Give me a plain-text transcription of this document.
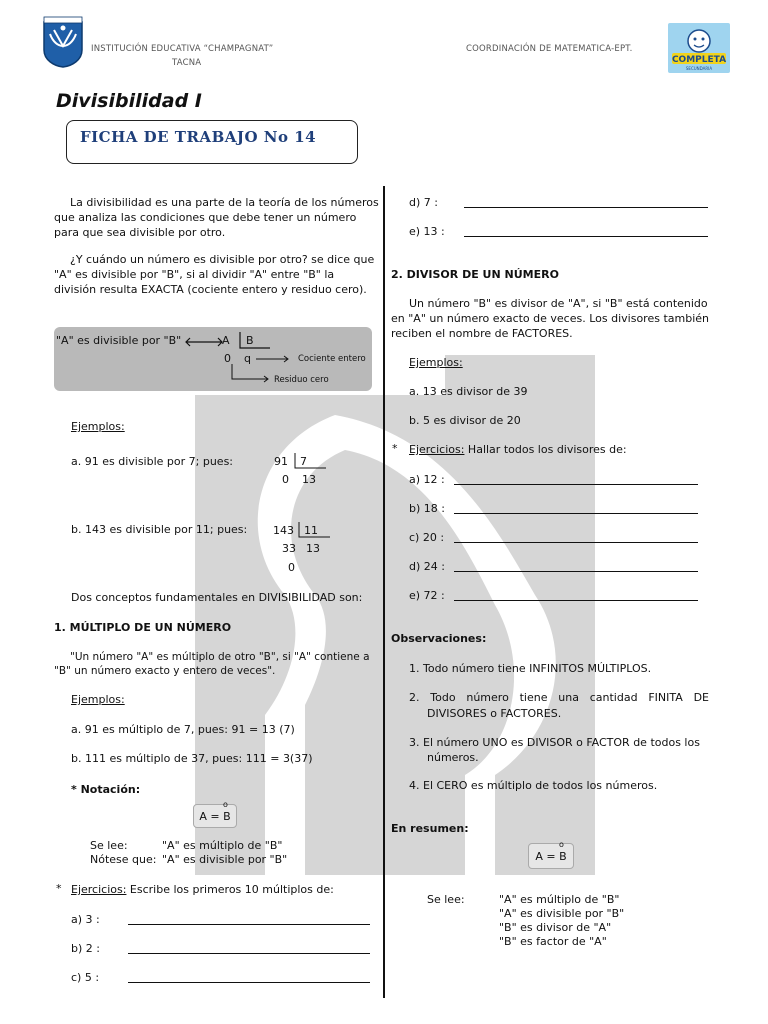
INSTITUCIÓN EDUCATIVA “CHAMPAGNAT”
TACNA
COORDINACIÓN DE MATEMATICA-EPT.
COMPLETA
SECUNDARIA
Divisibilidad I
FICHA DE TRABAJO No 14
La divisibilidad es una parte de la teoría de los números que analiza las condiciones que debe tener un número para que sea divisible por otro.
¿Y cuándo un número es divisible por otro? se dice que "A" es divisible por "B", si al dividir "A" entre "B" la división resulta EXACTA (cociente entero y residuo cero).
"A" es divisible por "B"	A B
0 q	Cociente entero
Residuo cero
Ejemplos:
a. 91 es divisible por 7; pues:	91 7
0 13
b. 143 es divisible por 11; pues: 143 11
33 13
0
Dos conceptos fundamentales en DIVISIBILIDAD son:
1. MÚLTIPLO DE UN NÚMERO
"Un número "A" es múltiplo de otro "B", si "A" contiene a "B" un número exacto y entero de veces".
Ejemplos:
a. 91 es múltiplo de 7, pues: 91 = 13 (7)
b. 111 es múltiplo de 37, pues: 111 = 3(37)
* Notación:
A = B
o
Se lee:	"A" es múltiplo de "B"
Nótese que: "A" es divisible por "B"
* Ejercicios: Escribe los primeros 10 múltiplos de:
a) 3 :
b) 2 :
c) 5 :
d) 7 :
e) 13 :
2. DIVISOR DE UN NÚMERO
Un número "B" es divisor de "A", si "B" está contenido en "A" un número exacto de veces. Los divisores también reciben el nombre de FACTORES.
Ejemplos:
a. 13 es divisor de 39
b. 5 es divisor de 20
* Ejercicios: Hallar todos los divisores de:
a) 12 :
b) 18 :
c) 20 :
d) 24 :
e) 72 :
Observaciones:
1. Todo número tiene INFINITOS MÚLTIPLOS.
2. Todo número tiene una cantidad FINITA DE
DIVISORES o FACTORES.
3. El número UNO es DIVISOR o FACTOR de todos los
números.
4. El CERO es múltiplo de todos los números.
En resumen:
A = B
o
Se lee:	"A" es múltiplo de "B"
"A" es divisible por "B"
"B" es divisor de "A"
"B" es factor de "A"
